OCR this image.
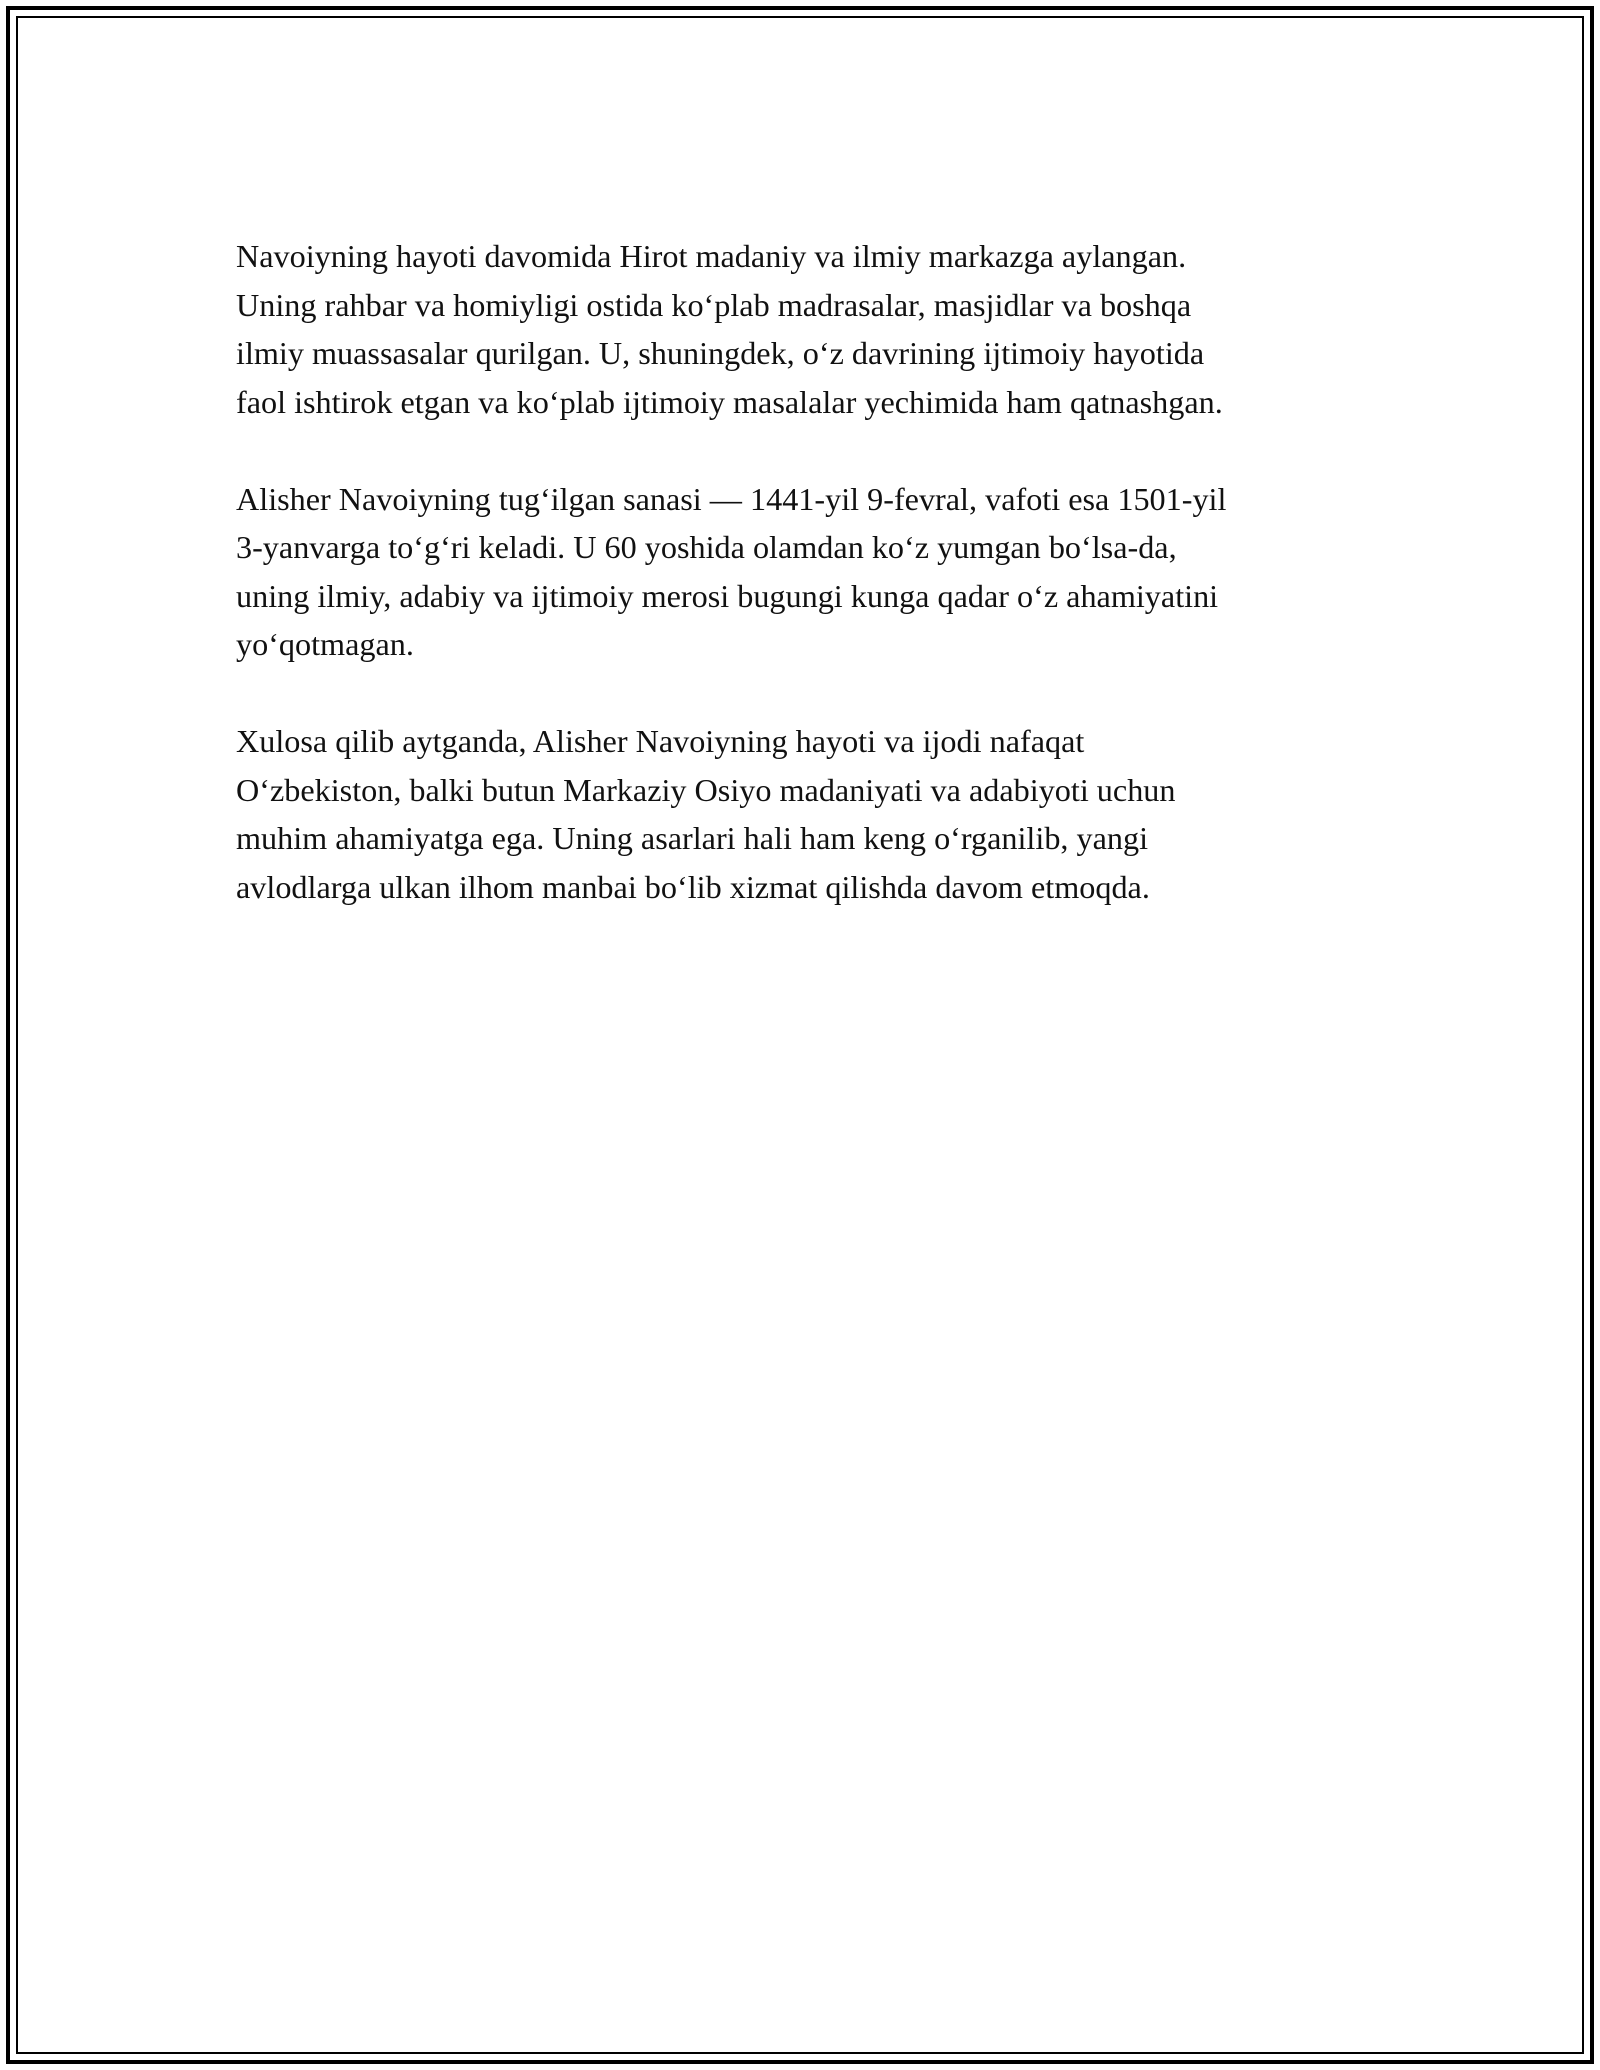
Navoiyning hayoti davomida Hirot madaniy va ilmiy markazga aylangan.
Uning rahbar va homiyligi ostida ko‘plab madrasalar, masjidlar va boshqa
ilmiy muassasalar qurilgan. U, shuningdek, o‘z davrining ijtimoiy hayotida
faol ishtirok etgan va ko‘plab ijtimoiy masalalar yechimida ham qatnashgan.

Alisher Navoiyning tug‘ilgan sanasi — 1441-yil 9-fevral, vafoti esa 1501-yil
3-yanvarga to‘g‘ri keladi. U 60 yoshida olamdan ko‘z yumgan bo‘lsa-da,
uning ilmiy, adabiy va ijtimoiy merosi bugungi kunga qadar o‘z ahamiyatini
yo‘qotmagan.

Xulosa qilib aytganda, Alisher Navoiyning hayoti va ijodi nafaqat
O‘zbekiston, balki butun Markaziy Osiyo madaniyati va adabiyoti uchun
muhim ahamiyatga ega. Uning asarlari hali ham keng o‘rganilib, yangi
avlodlarga ulkan ilhom manbai bo‘lib xizmat qilishda davom etmoqda.
